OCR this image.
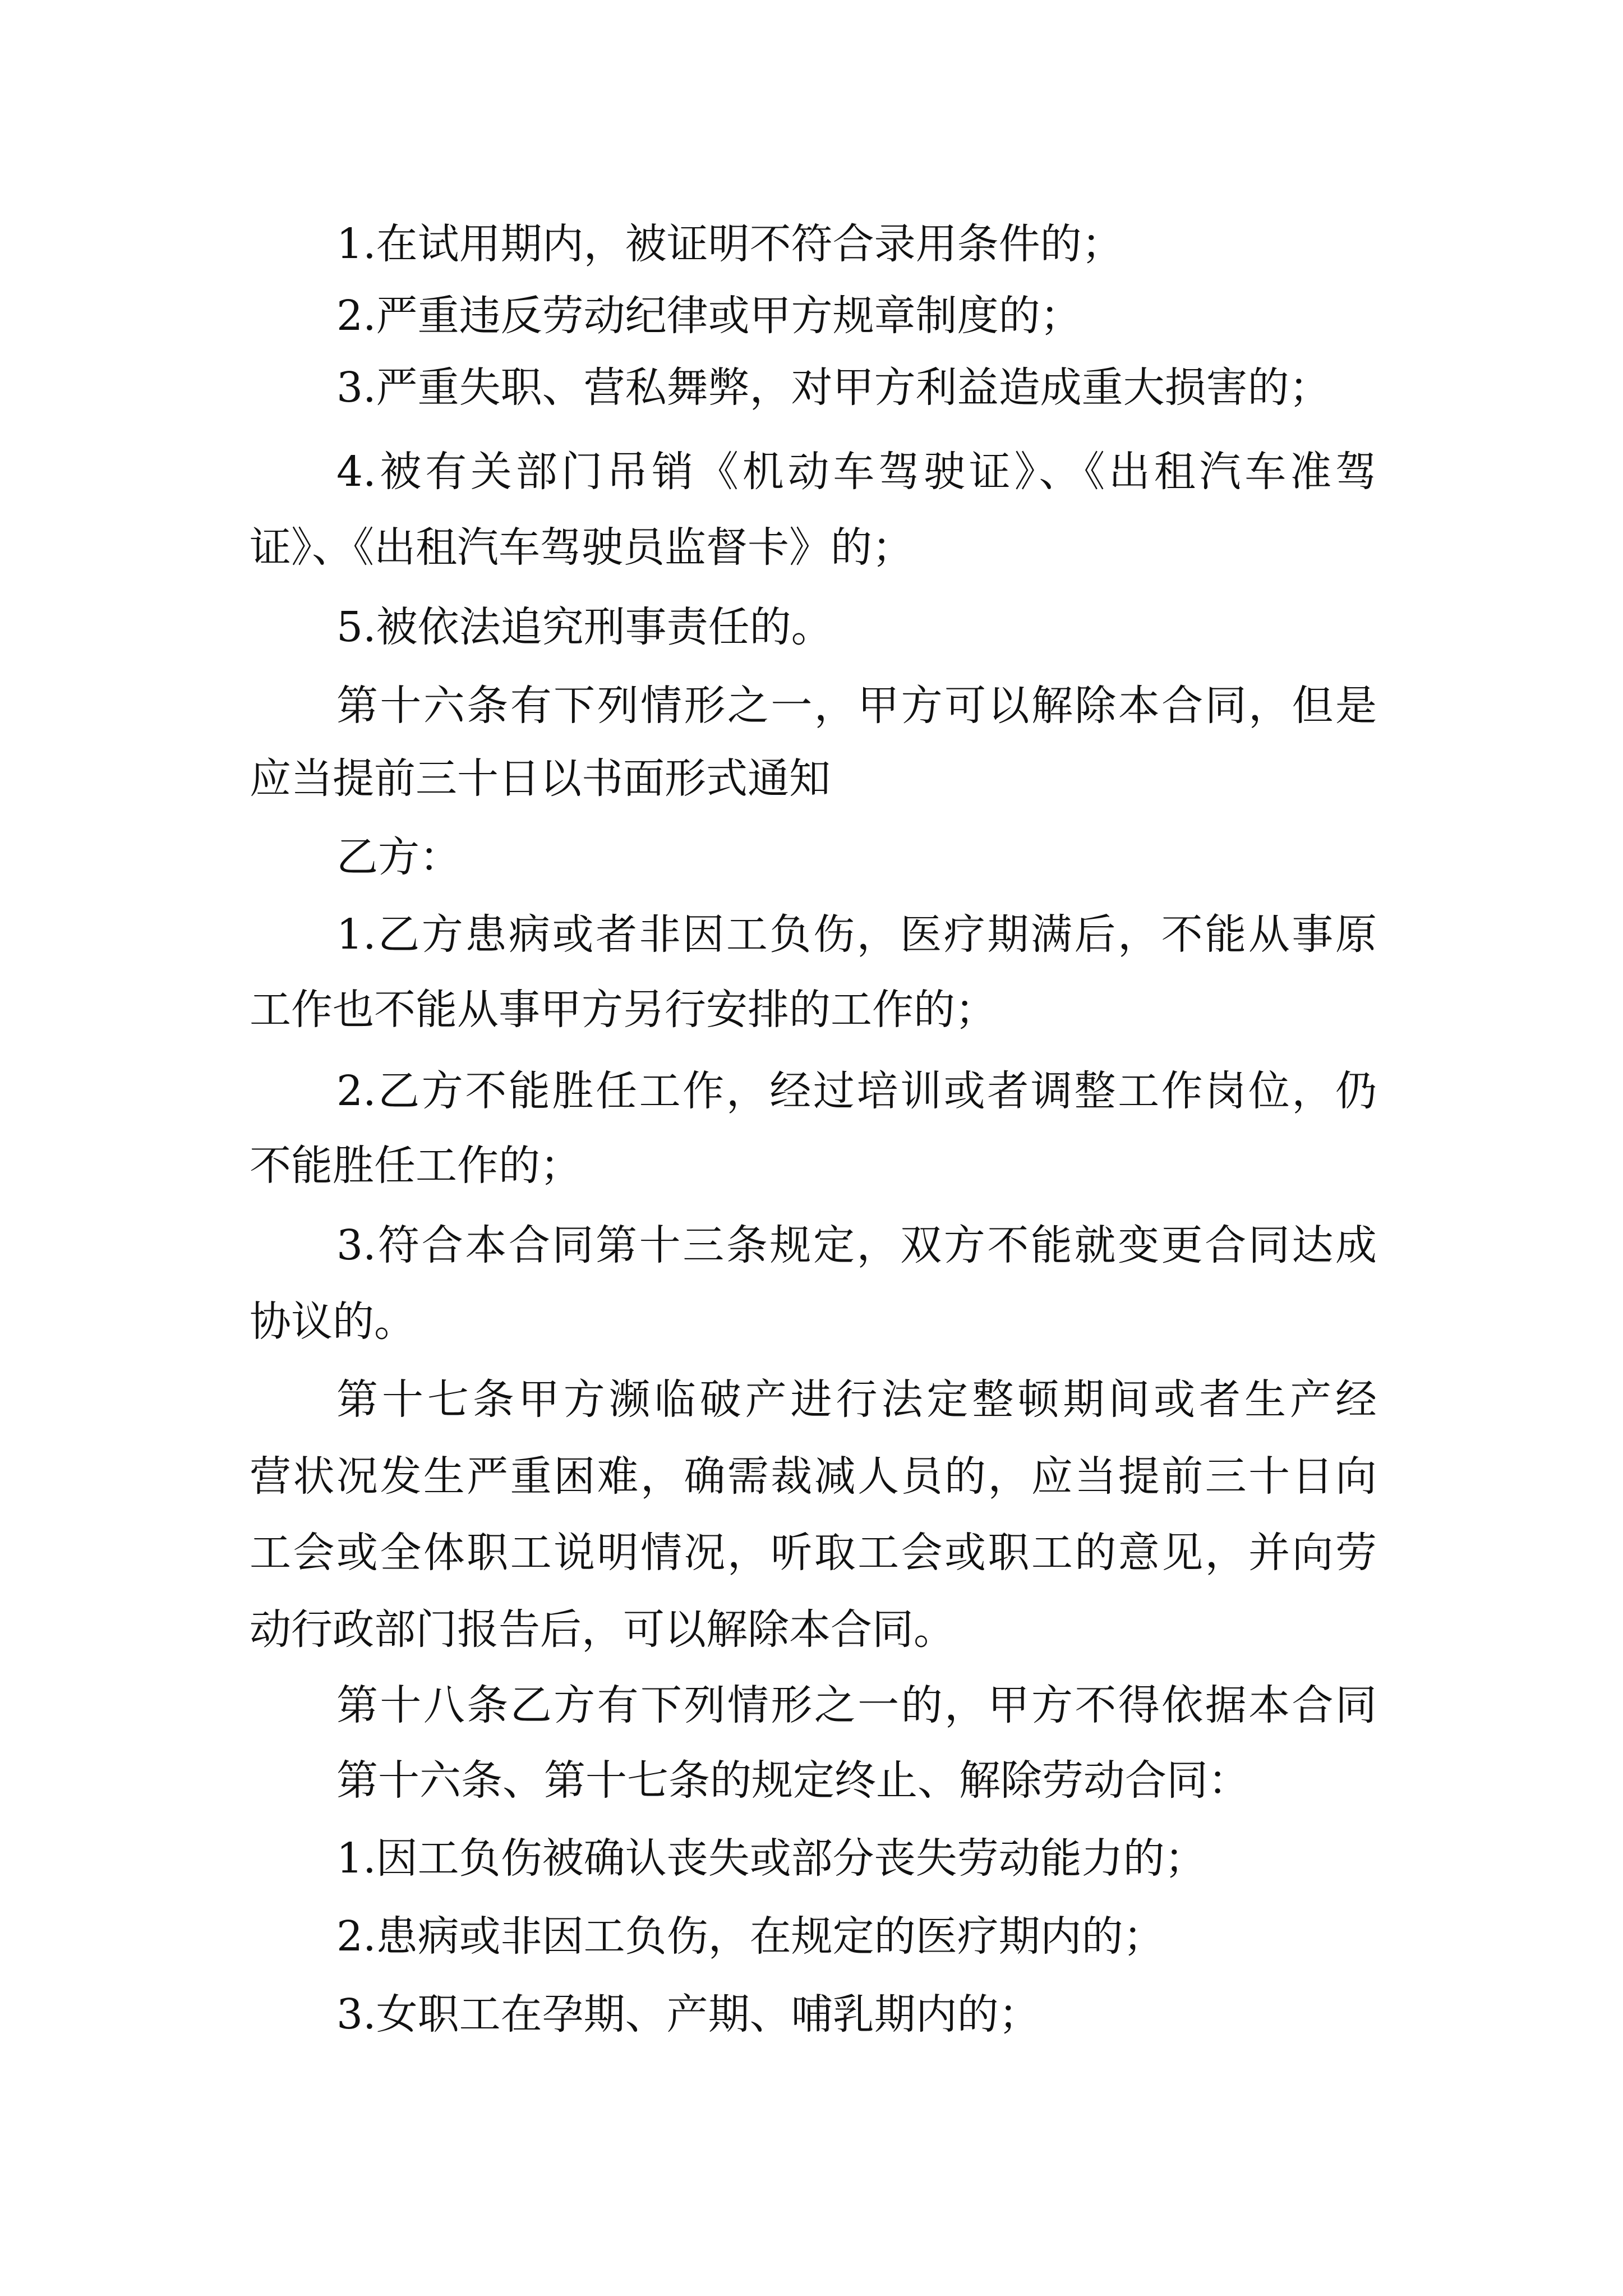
1.在试用期内，被证明不符合录用条件的；

2.严重违反劳动纪律或甲方规章制度的；

3.严重失职、营私舞弊，对甲方利益造成重大损害的；

4.被有关部门吊销《机动车驾驶证》、《出租汽车准驾

证》、《出租汽车驾驶员监督卡》的；

5.被依法追究刑事责任的。

第十六条有下列情形之一，甲方可以解除本合同，但是

应当提前三十日以书面形式通知

乙方：

1.乙方患病或者非因工负伤，医疗期满后，不能从事原

工作也不能从事甲方另行安排的工作的；

2.乙方不能胜任工作，经过培训或者调整工作岗位，仍

不能胜任工作的；

3.符合本合同第十三条规定，双方不能就变更合同达成

协议的。

第十七条甲方濒临破产进行法定整顿期间或者生产经

营状况发生严重困难，确需裁减人员的，应当提前三十日向

工会或全体职工说明情况，听取工会或职工的意见，并向劳

动行政部门报告后，可以解除本合同。

第十八条乙方有下列情形之一的，甲方不得依据本合同

第十六条、第十七条的规定终止、解除劳动合同：

1.因工负伤被确认丧失或部分丧失劳动能力的；

2.患病或非因工负伤，在规定的医疗期内的；

3.女职工在孕期、产期、哺乳期内的；
